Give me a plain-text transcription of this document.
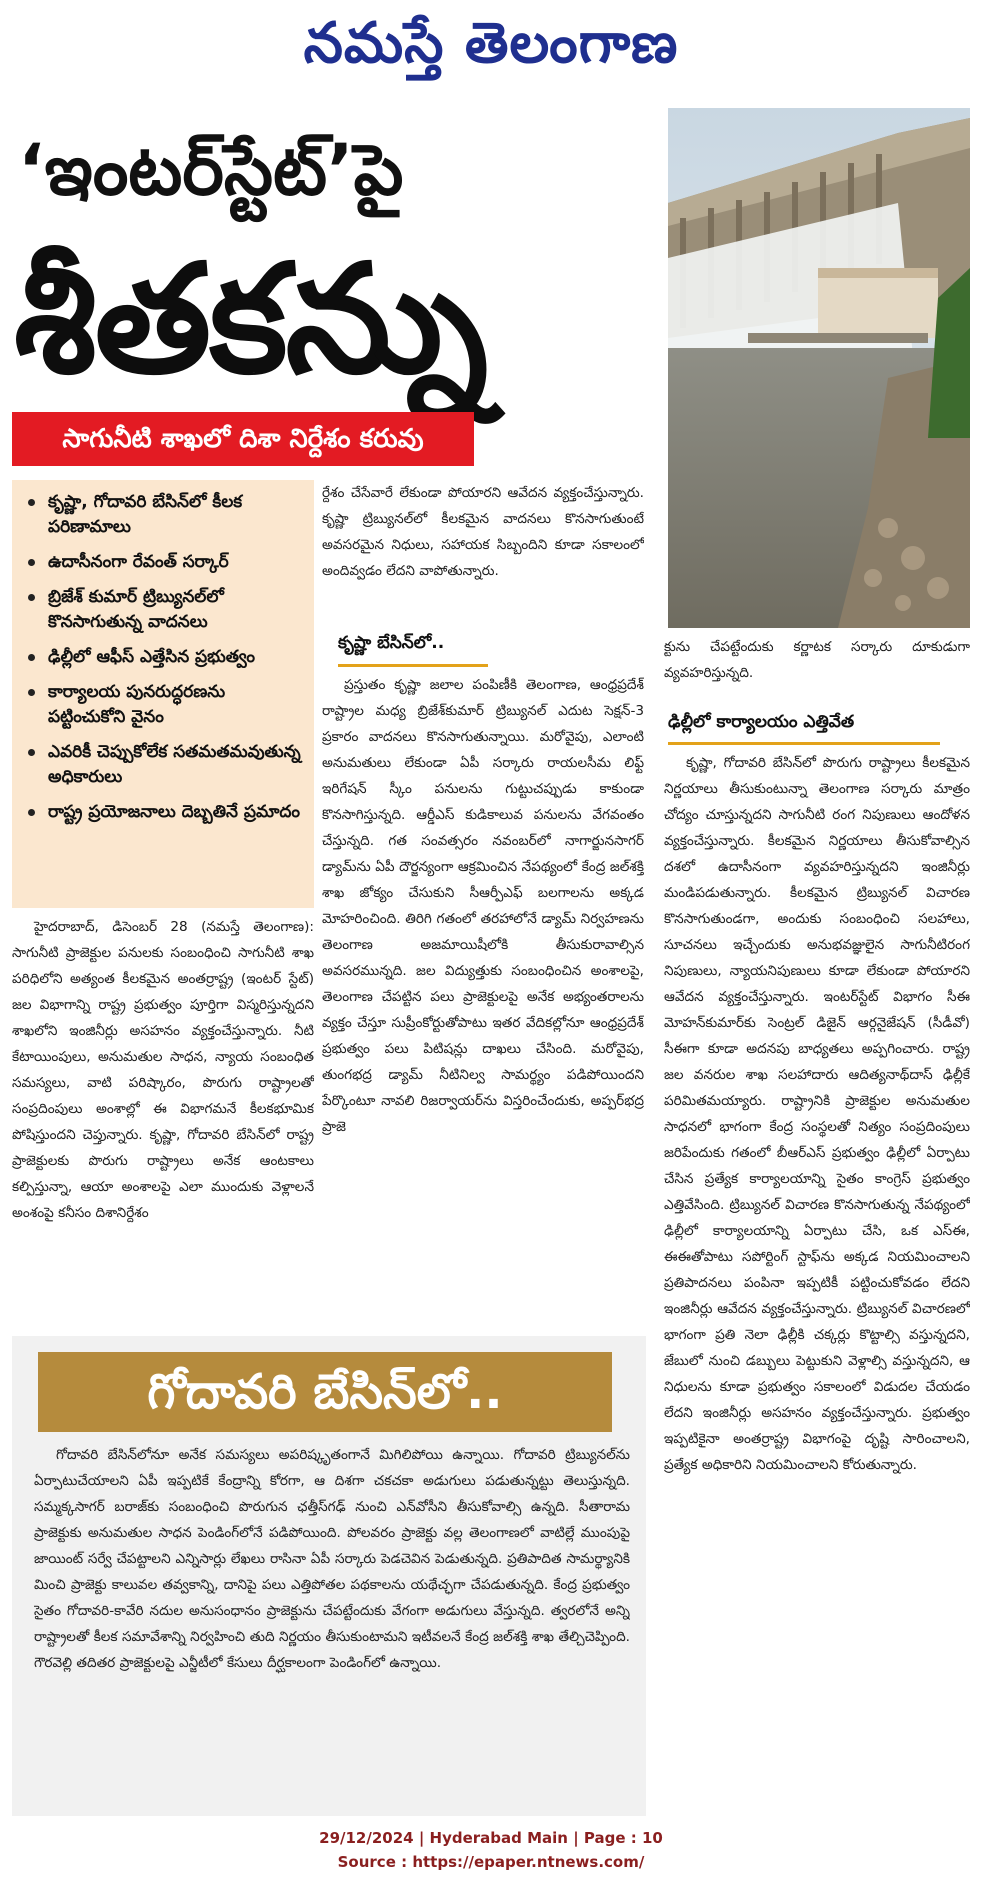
నమస్తే తెలంగాణ
‘ఇంటర్‌స్టేట్’పై
శీతకన్ను
సాగునీటి శాఖలో దిశా నిర్దేశం కరువు
కృష్ణా, గోదావరి బేసిన్‌లో కీలక పరిణామాలు
ఉదాసీనంగా రేవంత్ సర్కార్
బ్రిజేశ్ కుమార్ ట్రిబ్యునల్‌లో కొనసాగుతున్న వాదనలు
ఢిల్లీలో ఆఫీస్ ఎత్తేసిన ప్రభుత్వం
కార్యాలయ పునరుద్ధరణను పట్టించుకోని వైనం
ఎవరికీ చెప్పుకోలేక సతమతమవుతున్న అధికారులు
రాష్ట్ర ప్రయోజనాలు దెబ్బతినే ప్రమాదం

హైదరాబాద్, డిసెంబర్ 28 (నమస్తే తెలంగాణ): సాగునీటి ప్రాజెక్టుల పనులకు సంబంధించి సాగునీటి శాఖ పరిధిలోని అత్యంత కీలకమైన అంతర్రాష్ట్ర (ఇంటర్ స్టేట్) జల విభాగాన్ని రాష్ట్ర ప్రభుత్వం పూర్తిగా విస్మరిస్తున్నదని శాఖలోని ఇంజినీర్లు అసహనం వ్యక్తంచేస్తున్నారు. నీటి కేటాయింపులు, అనుమతుల సాధన, న్యాయ సంబంధిత సమస్యలు, వాటి పరిష్కారం, పొరుగు రాష్ట్రాలతో సంప్రదింపులు అంశాల్లో ఈ విభాగమనే కీలకభూమిక పోషిస్తుందని చెప్తున్నారు. కృష్ణా, గోదావరి బేసిన్‌లో రాష్ట్ర ప్రాజెక్టులకు పొరుగు రాష్ట్రాలు అనేక ఆంటకాలు కల్పిస్తున్నా, ఆయా అంశాలపై ఎలా ముందుకు వెళ్లాలనే అంశంపై కనీసం దిశానిర్దేశం

ర్దేశం చేసేవారే లేకుండా పోయారని ఆవేదన వ్యక్తంచేస్తున్నారు. కృష్ణా ట్రిబ్యునల్‌లో కీలకమైన వాదనలు కొనసాగుతుంటే అవసరమైన నిధులు, సహాయక సిబ్బందిని కూడా సకాలంలో అందివ్వడం లేదని వాపోతున్నారు.

కృష్ణా బేసిన్‌లో..

ప్రస్తుతం కృష్ణా జలాల పంపిణీకి తెలంగాణ, ఆంధ్రప్రదేశ్ రాష్ట్రాల మధ్య బ్రిజేశ్‌కుమార్ ట్రిబ్యునల్ ఎదుట సెక్షన్-3 ప్రకారం వాదనలు కొనసాగుతున్నాయి. మరోవైపు, ఎలాంటి అనుమతులు లేకుండా ఏపీ సర్కారు రాయలసీమ లిఫ్ట్ ఇరిగేషన్ స్కీం పనులను గుట్టుచప్పుడు కాకుండా కొనసాగిస్తున్నది. ఆర్డీఎస్ కుడికాలువ పనులను వేగవంతం చేస్తున్నది. గత సంవత్సరం నవంబర్‌లో నాగార్జునసాగర్ డ్యామ్‌ను ఏపీ దౌర్జన్యంగా ఆక్రమించిన నేపథ్యంలో కేంద్ర జల్‌శక్తి శాఖ జోక్యం చేసుకుని సీఆర్పీఎఫ్ బలగాలను అక్కడ మోహరించింది. తిరిగి గతంలో తరహాలోనే డ్యామ్ నిర్వహణను తెలంగాణ అజమాయిషీలోకి తీసుకురావాల్సిన అవసరమున్నది. జల విద్యుత్తుకు సంబంధించిన అంశాలపై, తెలంగాణ చేపట్టిన పలు ప్రాజెక్టులపై అనేక అభ్యంతరాలను వ్యక్తం చేస్తూ సుప్రీంకోర్టుతోపాటు ఇతర వేదికల్లోనూ ఆంధ్రప్రదేశ్ ప్రభుత్వం పలు పిటిషన్లు దాఖలు చేసింది. మరోవైపు, తుంగభద్ర డ్యామ్ నీటినిల్వ సామర్థ్యం పడిపోయిందని పేర్కొంటూ నావలి రిజర్వాయర్‌ను విస్తరించేందుకు, అప్పర్‌భద్ర ప్రాజె

క్టును చేపట్టేందుకు కర్ణాటక సర్కారు దూకుడుగా వ్యవహరిస్తున్నది.

ఢిల్లీలో కార్యాలయం ఎత్తివేత

కృష్ణా, గోదావరి బేసిన్‌లో పొరుగు రాష్ట్రాలు కీలకమైన నిర్ణయాలు తీసుకుంటున్నా తెలంగాణ సర్కారు మాత్రం చోద్యం చూస్తున్నదని సాగునీటి రంగ నిపుణులు ఆందోళన వ్యక్తంచేస్తున్నారు. కీలకమైన నిర్ణయాలు తీసుకోవాల్సిన దశలో ఉదాసీనంగా వ్యవహరిస్తున్నదని ఇంజినీర్లు మండిపడుతున్నారు. కీలకమైన ట్రిబ్యునల్ విచారణ కొనసాగుతుండగా, అందుకు సంబంధించి సలహాలు, సూచనలు ఇచ్చేందుకు అనుభవజ్ఞులైన సాగునీటిరంగ నిపుణులు, న్యాయనిపుణులు కూడా లేకుండా పోయారని ఆవేదన వ్యక్తంచేస్తున్నారు. ఇంటర్‌స్టేట్ విభాగం సీఈ మోహన్‌కుమార్‌కు సెంట్రల్ డిజైన్ ఆర్గనైజేషన్ (సీడీవో) సీఈగా కూడా అదనపు బాధ్యతలు అప్పగించారు. రాష్ట్ర జల వనరుల శాఖ సలహాదారు ఆదిత్యనాథ్‌దాస్ ఢిల్లీకే పరిమితమయ్యారు. రాష్ట్రానికి ప్రాజెక్టుల అనుమతుల సాధనలో భాగంగా కేంద్ర సంస్థలతో నిత్యం సంప్రదింపులు జరిపేందుకు గతంలో బీఆర్‌ఎస్ ప్రభుత్వం ఢిల్లీలో ఏర్పాటు చేసిన ప్రత్యేక కార్యాలయాన్ని సైతం కాంగ్రెస్ ప్రభుత్వం ఎత్తివేసింది. ట్రిబ్యునల్ విచారణ కొనసాగుతున్న నేపథ్యంలో ఢిల్లీలో కార్యాలయాన్ని ఏర్పాటు చేసి, ఒక ఎస్‌ఈ, ఈఈతోపాటు సపోర్టింగ్ స్టాఫ్‌ను అక్కడ నియమించాలని ప్రతిపాదనలు పంపినా ఇప్పటికీ పట్టించుకోవడం లేదని ఇంజినీర్లు ఆవేదన వ్యక్తంచేస్తున్నారు. ట్రిబ్యునల్ విచారణలో భాగంగా ప్రతి నెలా ఢిల్లీకి చక్కర్లు కొట్టాల్సి వస్తున్నదని, జేబులో నుంచి డబ్బులు పెట్టుకుని వెళ్లాల్సి వస్తున్నదని, ఆ నిధులను కూడా ప్రభుత్వం సకాలంలో విడుదల చేయడం లేదని ఇంజినీర్లు అసహనం వ్యక్తంచేస్తున్నారు. ప్రభుత్వం ఇప్పటికైనా అంతర్రాష్ట్ర విభాగంపై దృష్టి సారించాలని, ప్రత్యేక అధికారిని నియమించాలని కోరుతున్నారు.

గోదావరి బేసిన్‌లో..

గోదావరి బేసిన్‌లోనూ అనేక సమస్యలు అపరిష్కృతంగానే మిగిలిపోయి ఉన్నాయి. గోదావరి ట్రిబ్యునల్‌ను ఏర్పాటుచేయాలని ఏపీ ఇప్పటికే కేంద్రాన్ని కోరగా, ఆ దిశగా చకచకా అడుగులు పడుతున్నట్టు తెలుస్తున్నది. సమ్మక్కసాగర్ బరాజ్‌కు సంబంధించి పొరుగున ఛత్తీస్‌గఢ్ నుంచి ఎన్‌వోసీని తీసుకోవాల్సి ఉన్నది. సీతారామ ప్రాజెక్టుకు అనుమతుల సాధన పెండింగ్‌లోనే పడిపోయింది. పోలవరం ప్రాజెక్టు వల్ల తెలంగాణలో వాటిల్లే ముంపుపై జాయింట్ సర్వే చేపట్టాలని ఎన్నిసార్లు లేఖలు రాసినా ఏపీ సర్కారు పెడచెవిన పెడుతున్నది. ప్రతిపాదిత సామర్థ్యానికి మించి ప్రాజెక్టు కాలువల తవ్వకాన్ని, దానిపై పలు ఎత్తిపోతల పథకాలను యథేచ్ఛగా చేపడుతున్నది. కేంద్ర ప్రభుత్వం సైతం గోదావరి-కావేరి నదుల అనుసంధానం ప్రాజెక్టును చేపట్టేందుకు వేగంగా అడుగులు వేస్తున్నది. త్వరలోనే అన్ని రాష్ట్రాలతో కీలక సమావేశాన్ని నిర్వహించి తుది నిర్ణయం తీసుకుంటామని ఇటీవలనే కేంద్ర జల్‌శక్తి శాఖ తేల్చిచెప్పింది. గౌరవెల్లి తదితర ప్రాజెక్టులపై ఎన్జీటీలో కేసులు దీర్ఘకాలంగా పెండింగ్‌లో ఉన్నాయి.

29/12/2024 | Hyderabad Main | Page : 10
Source : https://epaper.ntnews.com/
